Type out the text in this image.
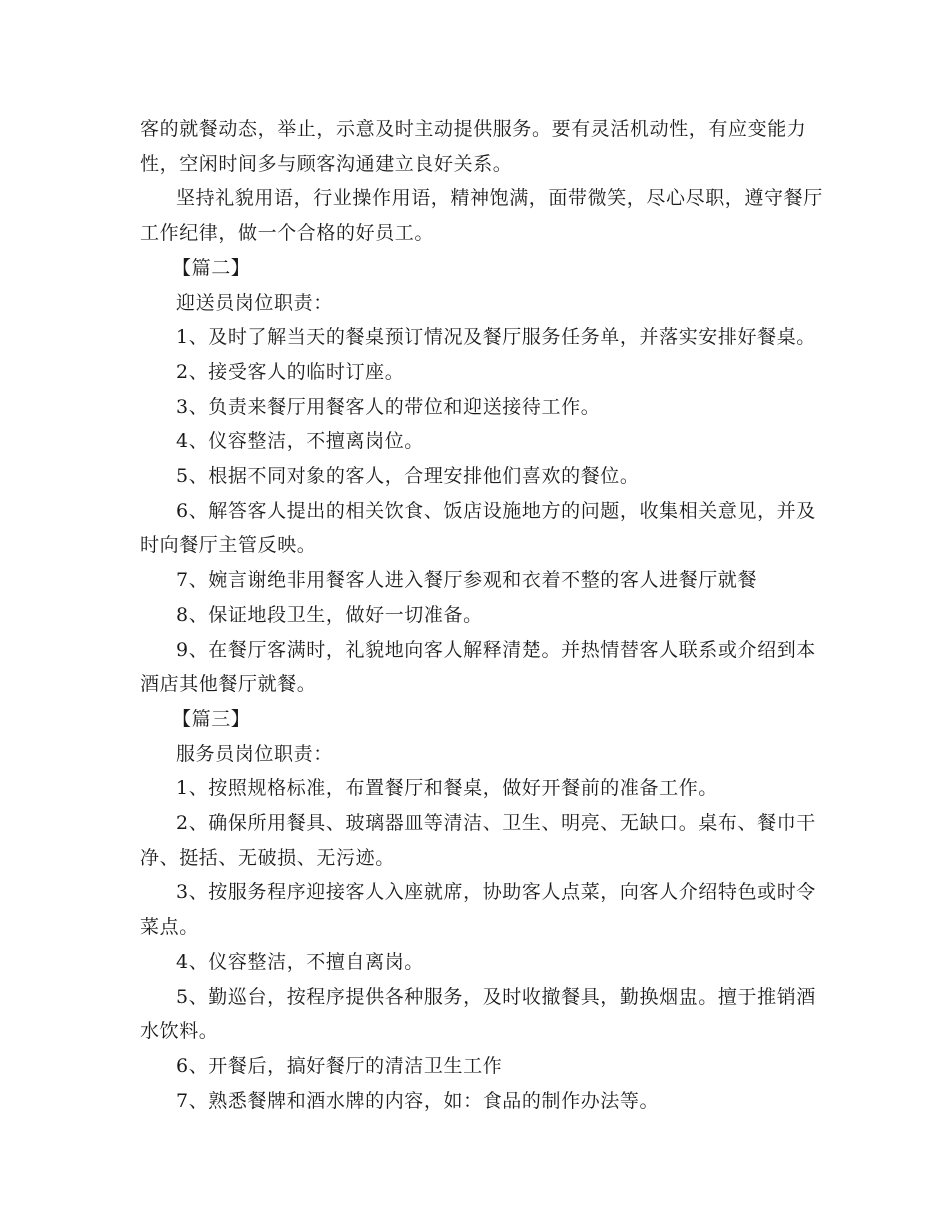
客的就餐动态，举止，示意及时主动提供服务。要有灵活机动性，有应变能力性，空闲时间多与顾客沟通建立良好关系。

坚持礼貌用语，行业操作用语，精神饱满，面带微笑，尽心尽职，遵守餐厅工作纪律，做一个合格的好员工。

【篇二】

迎送员岗位职责：

1、及时了解当天的餐桌预订情况及餐厅服务任务单，并落实安排好餐桌。

2、接受客人的临时订座。

3、负责来餐厅用餐客人的带位和迎送接待工作。

4、仪容整洁，不擅离岗位。

5、根据不同对象的客人，合理安排他们喜欢的餐位。

6、解答客人提出的相关饮食、饭店设施地方的问题，收集相关意见，并及时向餐厅主管反映。

7、婉言谢绝非用餐客人进入餐厅参观和衣着不整的客人进餐厅就餐

8、保证地段卫生，做好一切准备。

9、在餐厅客满时，礼貌地向客人解释清楚。并热情替客人联系或介绍到本酒店其他餐厅就餐。

【篇三】

服务员岗位职责：

1、按照规格标准，布置餐厅和餐桌，做好开餐前的准备工作。

2、确保所用餐具、玻璃器皿等清洁、卫生、明亮、无缺口。桌布、餐巾干净、挺括、无破损、无污迹。

3、按服务程序迎接客人入座就席，协助客人点菜，向客人介绍特色或时令菜点。

4、仪容整洁，不擅自离岗。

5、勤巡台，按程序提供各种服务，及时收撤餐具，勤换烟盅。擅于推销酒水饮料。

6、开餐后，搞好餐厅的清洁卫生工作

7、熟悉餐牌和酒水牌的内容，如：食品的制作办法等。
